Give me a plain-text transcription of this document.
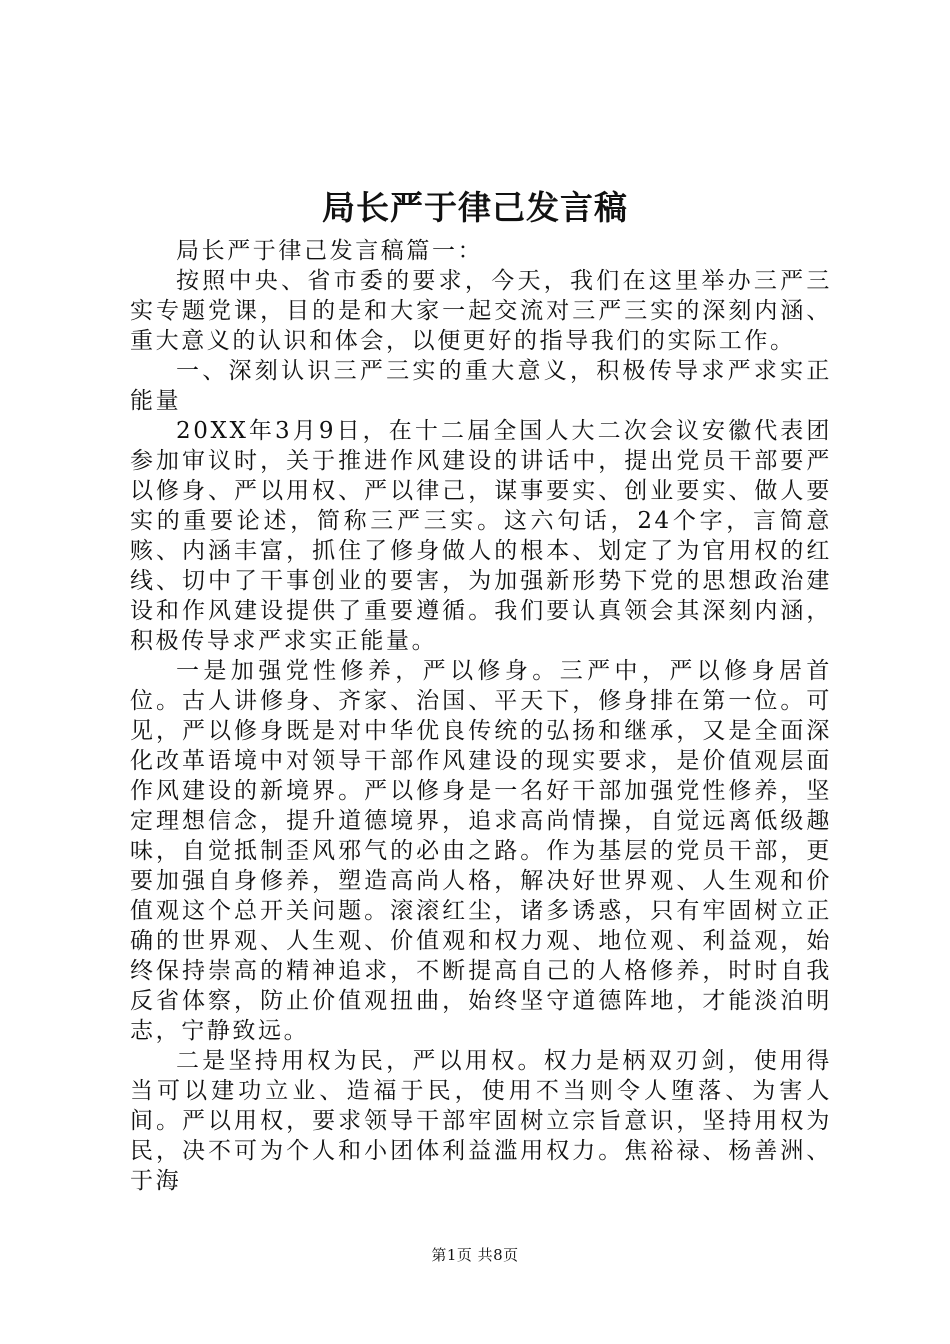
局长严于律己发言稿

局长严于律己发言稿篇一：

按照中央、省市委的要求，今天，我们在这里举办三严三实专题党课，目的是和大家一起交流对三严三实的深刻内涵、重大意义的认识和体会，以便更好的指导我们的实际工作。

一、深刻认识三严三实的重大意义，积极传导求严求实正能量

20XX年3月9日，在十二届全国人大二次会议安徽代表团参加审议时，关于推进作风建设的讲话中，提出党员干部要严以修身、严以用权、严以律己，谋事要实、创业要实、做人要实的重要论述，简称三严三实。这六句话，24个字，言简意赅、内涵丰富，抓住了修身做人的根本、划定了为官用权的红线、切中了干事创业的要害，为加强新形势下党的思想政治建设和作风建设提供了重要遵循。我们要认真领会其深刻内涵，积极传导求严求实正能量。

一是加强党性修养，严以修身。三严中，严以修身居首位。古人讲修身、齐家、治国、平天下，修身排在第一位。可见，严以修身既是对中华优良传统的弘扬和继承，又是全面深化改革语境中对领导干部作风建设的现实要求，是价值观层面作风建设的新境界。严以修身是一名好干部加强党性修养，坚定理想信念，提升道德境界，追求高尚情操，自觉远离低级趣味，自觉抵制歪风邪气的必由之路。作为基层的党员干部，更要加强自身修养，塑造高尚人格，解决好世界观、人生观和价值观这个总开关问题。滚滚红尘，诸多诱惑，只有牢固树立正确的世界观、人生观、价值观和权力观、地位观、利益观，始终保持崇高的精神追求，不断提高自己的人格修养，时时自我反省体察，防止价值观扭曲，始终坚守道德阵地，才能淡泊明志，宁静致远。

二是坚持用权为民，严以用权。权力是柄双刃剑，使用得当可以建功立业、造福于民，使用不当则令人堕落、为害人间。严以用权，要求领导干部牢固树立宗旨意识，坚持用权为民，决不可为个人和小团体利益滥用权力。焦裕禄、杨善洲、于海

第1页 共8页
